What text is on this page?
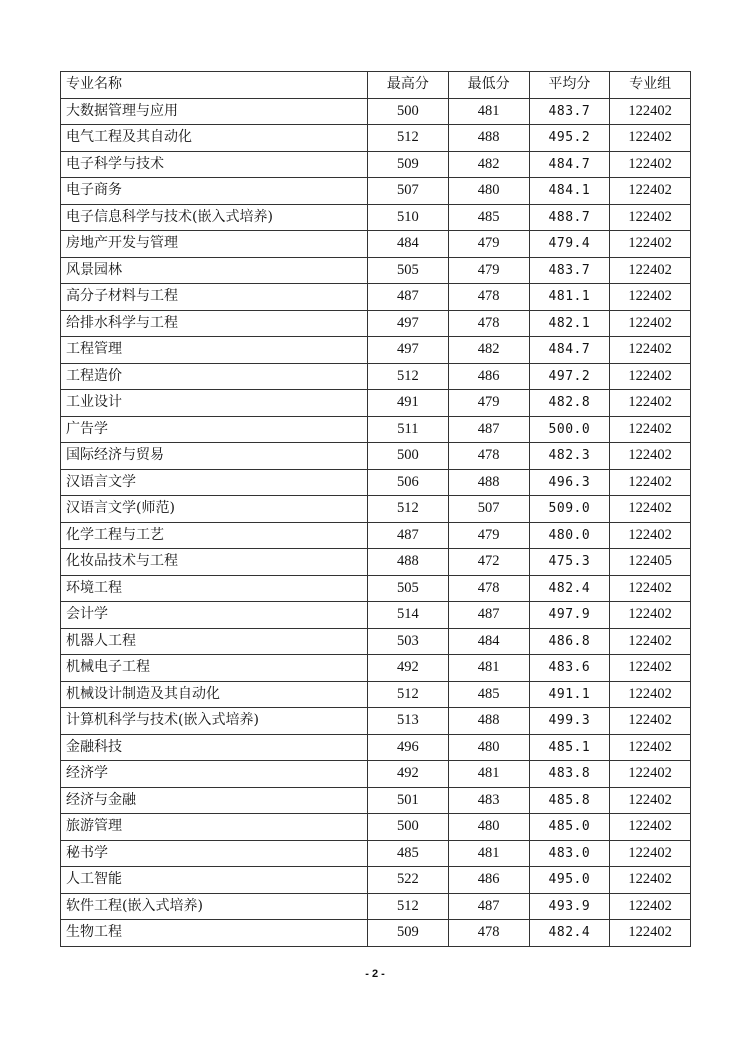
专业名称	最高分	最低分	平均分	专业组
大数据管理与应用	500	481	483.7	122402
电气工程及其自动化	512	488	495.2	122402
电子科学与技术	509	482	484.7	122402
电子商务	507	480	484.1	122402
电子信息科学与技术(嵌入式培养)	510	485	488.7	122402
房地产开发与管理	484	479	479.4	122402
风景园林	505	479	483.7	122402
高分子材料与工程	487	478	481.1	122402
给排水科学与工程	497	478	482.1	122402
工程管理	497	482	484.7	122402
工程造价	512	486	497.2	122402
工业设计	491	479	482.8	122402
广告学	511	487	500.0	122402
国际经济与贸易	500	478	482.3	122402
汉语言文学	506	488	496.3	122402
汉语言文学(师范)	512	507	509.0	122402
化学工程与工艺	487	479	480.0	122402
化妆品技术与工程	488	472	475.3	122405
环境工程	505	478	482.4	122402
会计学	514	487	497.9	122402
机器人工程	503	484	486.8	122402
机械电子工程	492	481	483.6	122402
机械设计制造及其自动化	512	485	491.1	122402
计算机科学与技术(嵌入式培养)	513	488	499.3	122402
金融科技	496	480	485.1	122402
经济学	492	481	483.8	122402
经济与金融	501	483	485.8	122402
旅游管理	500	480	485.0	122402
秘书学	485	481	483.0	122402
人工智能	522	486	495.0	122402
软件工程(嵌入式培养)	512	487	493.9	122402
生物工程	509	478	482.4	122402
- 2 -
